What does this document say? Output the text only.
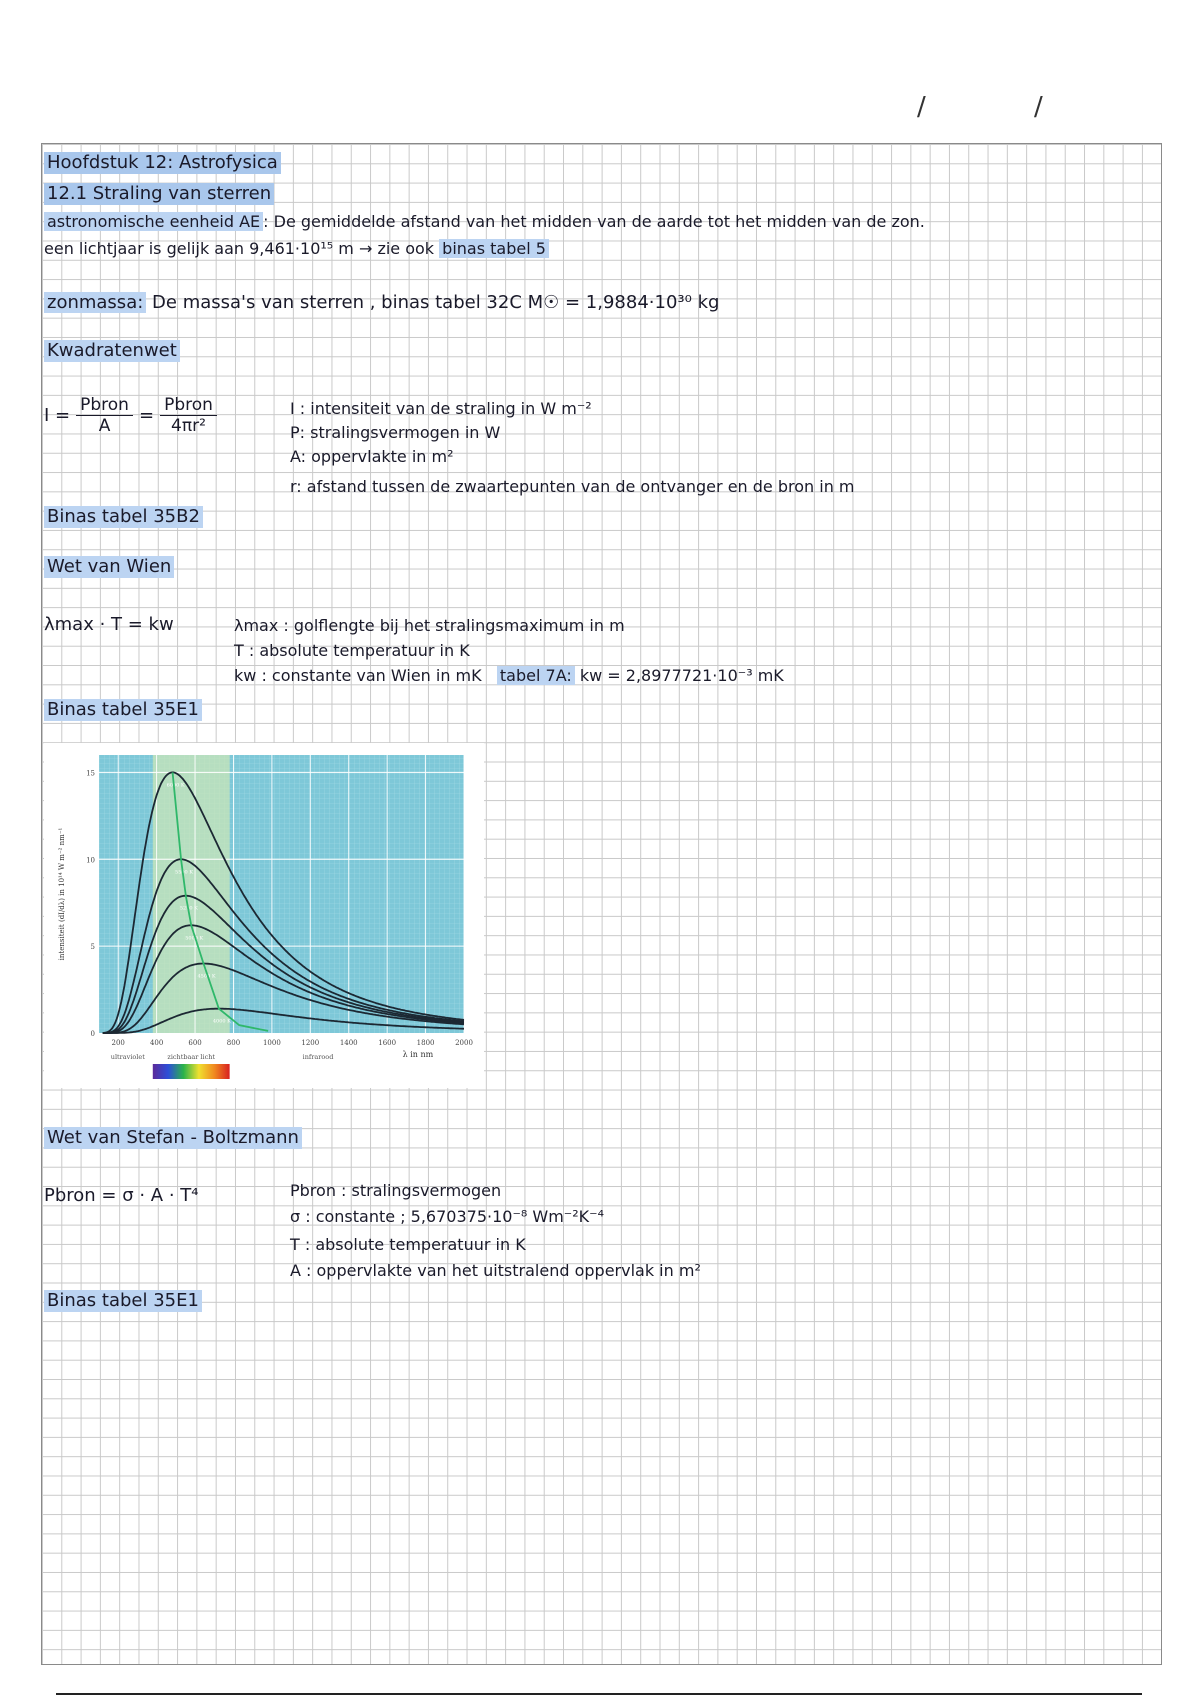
/	/
Hoofdstuk 12: Astrofysica
12.1 Straling van sterren
astronomische eenheid AE : De gemiddelde afstand van het midden van de aarde tot het midden van de zon.
een lichtjaar is gelijk aan 9,461·10¹⁵ m → zie ook binas tabel 5
zonmassa: De massa's van sterren , binas tabel 32C M☉ = 1,9884·10³⁰ kg
Kwadratenwet
$I = \frac{\text{Pbron}}{A} = \frac{\text{Pbron}}{\text{4πr²}}$	I : intensiteit van de straling in W m⁻²
P: stralingsvermogen in W
A: oppervlakte in m²
r: afstand tussen de zwaartepunten van de ontvanger en de bron in m
Binas tabel 35B2
Wet van Wien
λmax · T = kw	λmax : golflengte bij het stralingsmaximum in m
T : absolute temperatuur in K
kw : constante van Wien in mK tabel 7A: kw = 2,8977721·10⁻³ mK
Binas tabel 35E1
6000 K
5500 K
5250 K
5000 K
4500 K
4000 K
200	400	600	800	1000	1200	1400	1600	1800	2000
0
5
10
15
λ in nm
intensiteit (dI/dλ) in 10¹⁴ W m⁻² nm⁻¹
ultraviolet	zichtbaar licht	infrarood
Wet van Stefan - Boltzmann
Pbron = σ · A · T⁴	Pbron : stralingsvermogen
σ : constante ; 5,670375·10⁻⁸ Wm⁻²K⁻⁴
T : absolute temperatuur in K
A : oppervlakte van het uitstralend oppervlak in m²
Binas tabel 35E1
